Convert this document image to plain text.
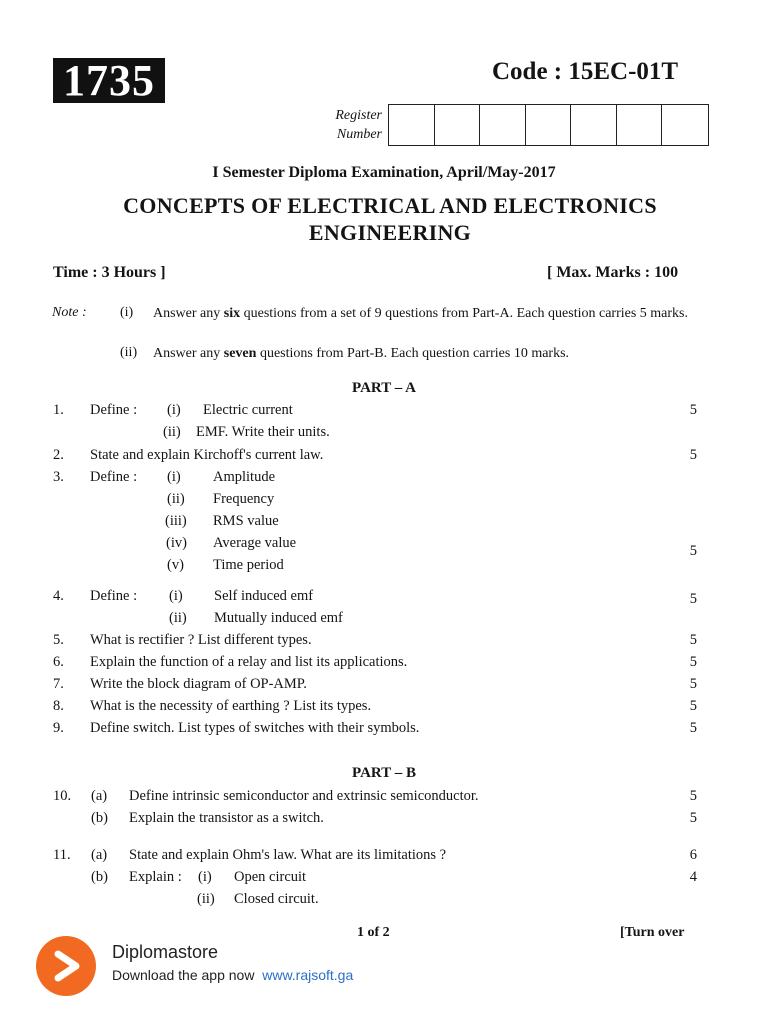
1735	Code : 15EC-01T
Register
Number
I Semester Diploma Examination, April/May-2017
CONCEPTS OF ELECTRICAL AND ELECTRONICS
ENGINEERING
Time : 3 Hours ]	[ Max. Marks : 100
Note : (i) Answer any six questions from a set of 9 questions from Part-A. Each question carries 5 marks.
(ii) Answer any seven questions from Part-B. Each question carries 10 marks.
PART – A
1. Define : (i) Electric current	5
(ii) EMF. Write their units.
2. State and explain Kirchoff's current law.	5
3. Define : (i) Amplitude
(ii) Frequency
(iii) RMS value
(iv) Average value	5
(v) Time period
4. Define : (i) Self induced emf	5
(ii) Mutually induced emf
5. What is rectifier ? List different types.	5
6. Explain the function of a relay and list its applications.	5
7. Write the block diagram of OP-AMP.	5
8. What is the necessity of earthing ? List its types.	5
9. Define switch. List types of switches with their symbols.	5
PART – B
10. (a) Define intrinsic semiconductor and extrinsic semiconductor.	5
(b) Explain the transistor as a switch.	5
11. (a) State and explain Ohm's law. What are its limitations ?	6
(b) Explain : (i) Open circuit	4
(ii) Closed circuit.
1 of 2	[Turn over
Diplomastore
Download the app now www.rajsoft.ga
